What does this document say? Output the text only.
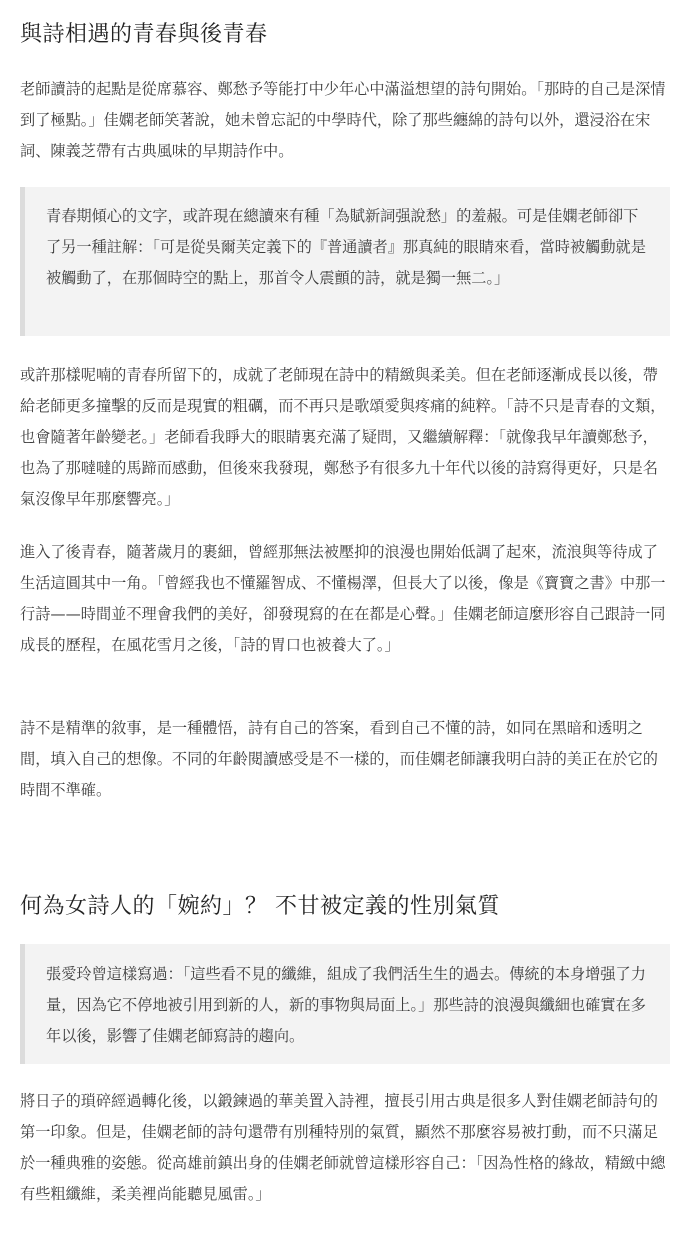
與詩相遇的青春與後青春

老師讀詩的起點是從席慕容、鄭愁予等能打中少年心中滿溢想望的詩句開始。「那時的自己是深情到了極點。」佳嫻老師笑著說，她未曾忘記的中學時代，除了那些纏綿的詩句以外，還浸浴在宋詞、陳義芝帶有古典風味的早期詩作中。

青春期傾心的文字，或許現在總讀來有種「為賦新詞强說愁」的羞赧。可是佳嫻老師卻下了另一種註解：「可是從吳爾芙定義下的『普通讀者』那真純的眼睛來看，當時被觸動就是被觸動了，在那個時空的點上，那首令人震顫的詩，就是獨一無二。」

或許那樣呢喃的青春所留下的，成就了老師現在詩中的精緻與柔美。但在老師逐漸成長以後，帶給老師更多撞擊的反而是現實的粗礪，而不再只是歌頌愛與疼痛的純粹。「詩不只是青春的文類，也會隨著年齡變老。」老師看我睜大的眼睛裏充滿了疑問，又繼續解釋：「就像我早年讀鄭愁予，也為了那噠噠的馬蹄而感動，但後來我發現，鄭愁予有很多九十年代以後的詩寫得更好，只是名氣沒像早年那麼響亮。」

進入了後青春，隨著歲月的裹細，曾經那無法被壓抑的浪漫也開始低調了起來，流浪與等待成了生活這圓其中一角。「曾經我也不懂羅智成、不懂楊澤，但長大了以後，像是《寶寶之書》中那一行詩——時間並不理會我們的美好，卻發現寫的在在都是心聲。」佳嫻老師這麼形容自己跟詩一同成長的歷程，在風花雪月之後，「詩的胃口也被養大了。」

詩不是精準的敘事，是一種體悟，詩有自己的答案，看到自己不懂的詩，如同在黑暗和透明之間，填入自己的想像。不同的年齡閱讀感受是不一樣的，而佳嫻老師讓我明白詩的美正在於它的時間不準確。

何為女詩人的「婉約」？ 不甘被定義的性別氣質

張愛玲曾這樣寫過：「這些看不見的纖維，組成了我們活生生的過去。傳統的本身增强了力量，因為它不停地被引用到新的人，新的事物與局面上。」那些詩的浪漫與纖細也確實在多年以後，影響了佳嫻老師寫詩的趨向。

將日子的瑣碎經過轉化後，以鍛鍊過的華美置入詩裡，擅長引用古典是很多人對佳嫻老師詩句的第一印象。但是，佳嫻老師的詩句還帶有別種特別的氣質，顯然不那麼容易被打動，而不只滿足於一種典雅的姿態。從高雄前鎮出身的佳嫻老師就曾這樣形容自己：「因為性格的緣故，精緻中總有些粗纖維，柔美裡尚能聽見風雷。」
